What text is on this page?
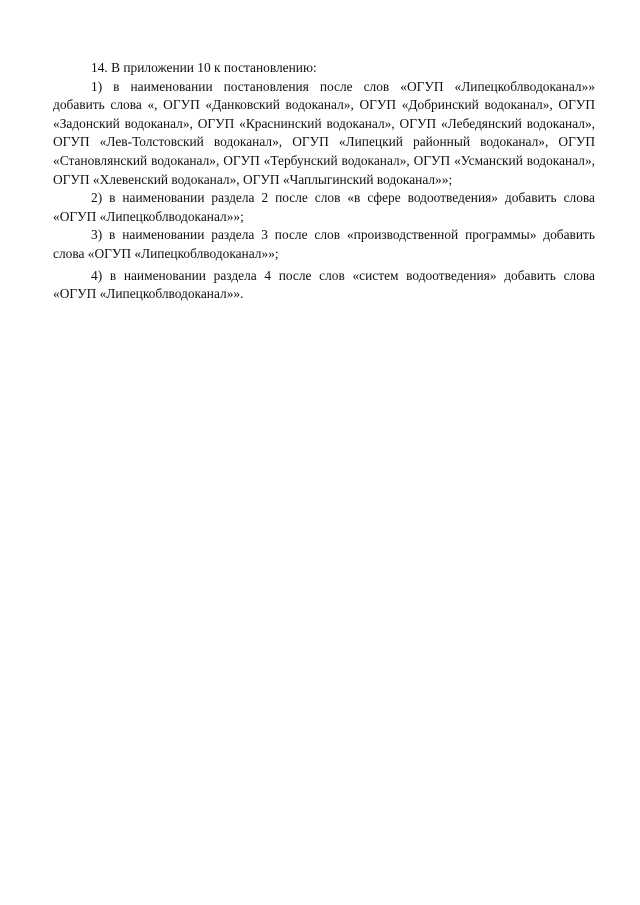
14. В приложении 10 к постановлению:

1) в наименовании постановления после слов «ОГУП «Липецкоблводоканал»» добавить слова «, ОГУП «Данковский водоканал», ОГУП «Добринский водоканал», ОГУП «Задонский водоканал», ОГУП «Краснинский водоканал», ОГУП «Лебедянский водоканал», ОГУП «Лев-Толстовский водоканал», ОГУП «Липецкий районный водоканал», ОГУП «Становлянский водоканал», ОГУП «Тербунский водоканал», ОГУП «Усманский водоканал», ОГУП «Хлевенский водоканал», ОГУП «Чаплыгинский водоканал»»;

2) в наименовании раздела 2 после слов «в сфере водоотведения» добавить слова «ОГУП «Липецкоблводоканал»»;

3) в наименовании раздела 3 после слов «производственной программы» добавить слова «ОГУП «Липецкоблводоканал»»;

4) в наименовании раздела 4 после слов «систем водоотведения» добавить слова «ОГУП «Липецкоблводоканал»».
